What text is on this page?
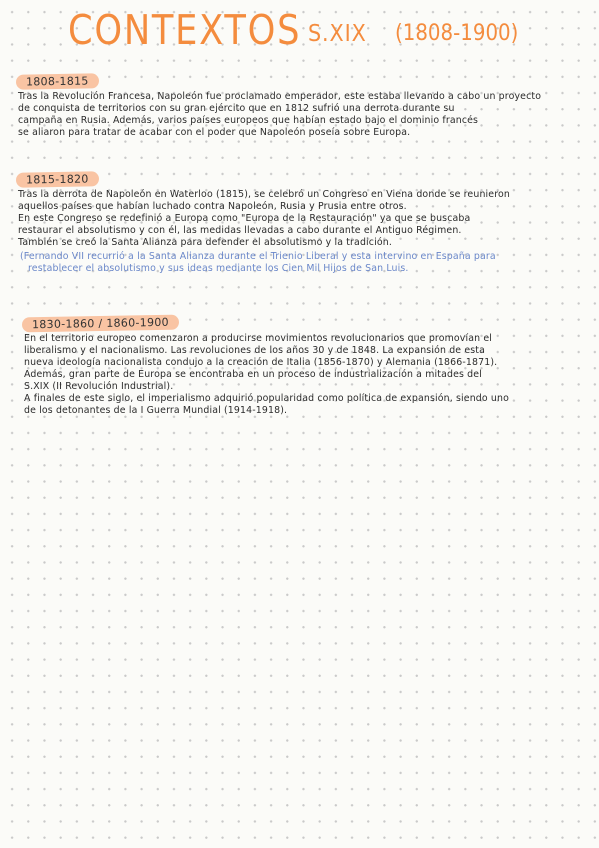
CONTEXTOS S.XIX (1808-1900)
1808-1815
Tras la Revolución Francesa, Napoleón fue proclamado emperador, este estaba llevando a cabo un proyecto
de conquista de territorios con su gran ejército que en 1812 sufrió una derrota durante su
campaña en Rusia. Además, varios países europeos que habían estado bajo el dominio francés
se aliaron para tratar de acabar con el poder que Napoleón poseía sobre Europa.
1815-1820
Tras la derrota de Napoleón en Waterloo (1815), se celebró un Congreso en Viena donde se reunieron
aquellos países que habían luchado contra Napoleón, Rusia y Prusia entre otros.
En este Congreso se redefinió a Europa como "Europa de la Restauración" ya que se buscaba
restaurar el absolutismo y con él, las medidas llevadas a cabo durante el Antiguo Régimen.
También se creó la Santa Alianza para defender el absolutismo y la tradición.
(Fernando VII recurrió a la Santa Alianza durante el Trienio Liberal y esta intervino en España para
restablecer el absolutismo y sus ideas mediante los Cien Mil Hijos de San Luis.
1830-1860 / 1860-1900
En el territorio europeo comenzaron a producirse movimientos revolucionarios que promovían el
liberalismo y el nacionalismo. Las revoluciones de los años 30 y de 1848. La expansión de esta
nueva ideología nacionalista condujo a la creación de Italia (1856-1870) y Alemania (1866-1871).
Además, gran parte de Europa se encontraba en un proceso de industrialización a mitades del
S.XIX (II Revolución Industrial).
A finales de este siglo, el imperialismo adquirió popularidad como política de expansión, siendo uno
de los detonantes de la I Guerra Mundial (1914-1918).
